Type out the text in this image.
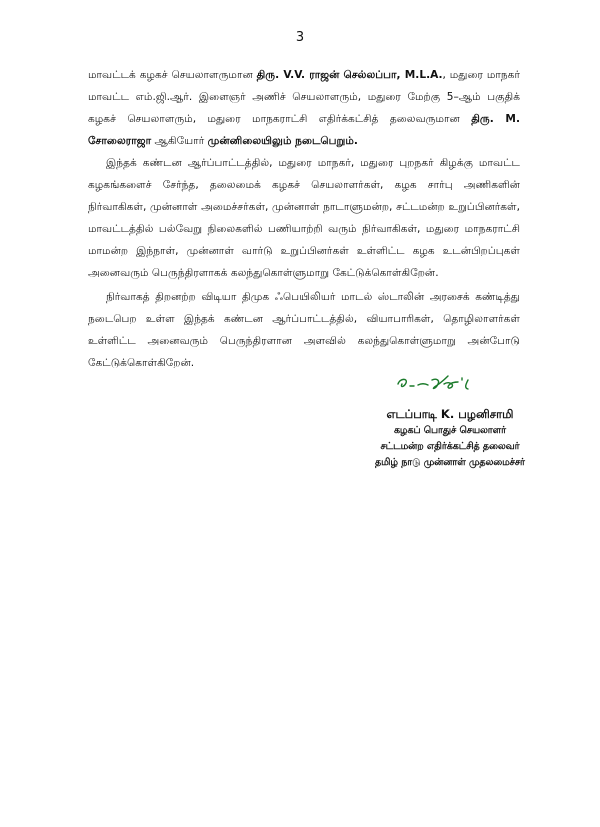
3

மாவட்டக் கழகச் செயலாளருமான திரு. V.V. ராஜன் செல்லப்பா, M.L.A., மதுரை மாநகர் மாவட்ட எம்.ஜி.ஆர். இளைஞர் அணிச் செயலாளரும், மதுரை மேற்கு 5–ஆம் பகுதிக் கழகச் செயலாளரும், மதுரை மாநகராட்சி எதிர்க்கட்சித் தலைவருமான திரு. M. சோலைராஜா ஆகியோர் முன்னிலையிலும் நடைபெறும்.

இந்தக் கண்டன ஆர்ப்பாட்டத்தில், மதுரை மாநகர், மதுரை புறநகர் கிழக்கு மாவட்ட கழகங்களைச் சேர்ந்த, தலைமைக் கழகச் செயலாளர்கள், கழக சார்பு அணிகளின் நிர்வாகிகள், முன்னாள் அமைச்சர்கள், முன்னாள் நாடாளுமன்ற, சட்டமன்ற உறுப்பினர்கள், மாவட்டத்தில் பல்வேறு நிலைகளில் பணியாற்றி வரும் நிர்வாகிகள், மதுரை மாநகராட்சி மாமன்ற இந்நாள், முன்னாள் வார்டு உறுப்பினர்கள் உள்ளிட்ட கழக உடன்பிறப்புகள் அனைவரும் பெருந்திரளாகக் கலந்துகொள்ளுமாறு கேட்டுக்கொள்கிறேன்.

நிர்வாகத் திறனற்ற விடியா திமுக ஃபெயிலியர் மாடல் ஸ்டாலின் அரசைக் கண்டித்து நடைபெற உள்ள இந்தக் கண்டன ஆர்ப்பாட்டத்தில், வியாபாரிகள், தொழிலாளர்கள் உள்ளிட்ட அனைவரும் பெருந்திரளான அளவில் கலந்துகொள்ளுமாறு அன்போடு கேட்டுக்கொள்கிறேன்.

எடப்பாடி K. பழனிசாமி
கழகப் பொதுச் செயலாளர்
சட்டமன்ற எதிர்க்கட்சித் தலைவர்
தமிழ் நாடு முன்னாள் முதலமைச்சர்
